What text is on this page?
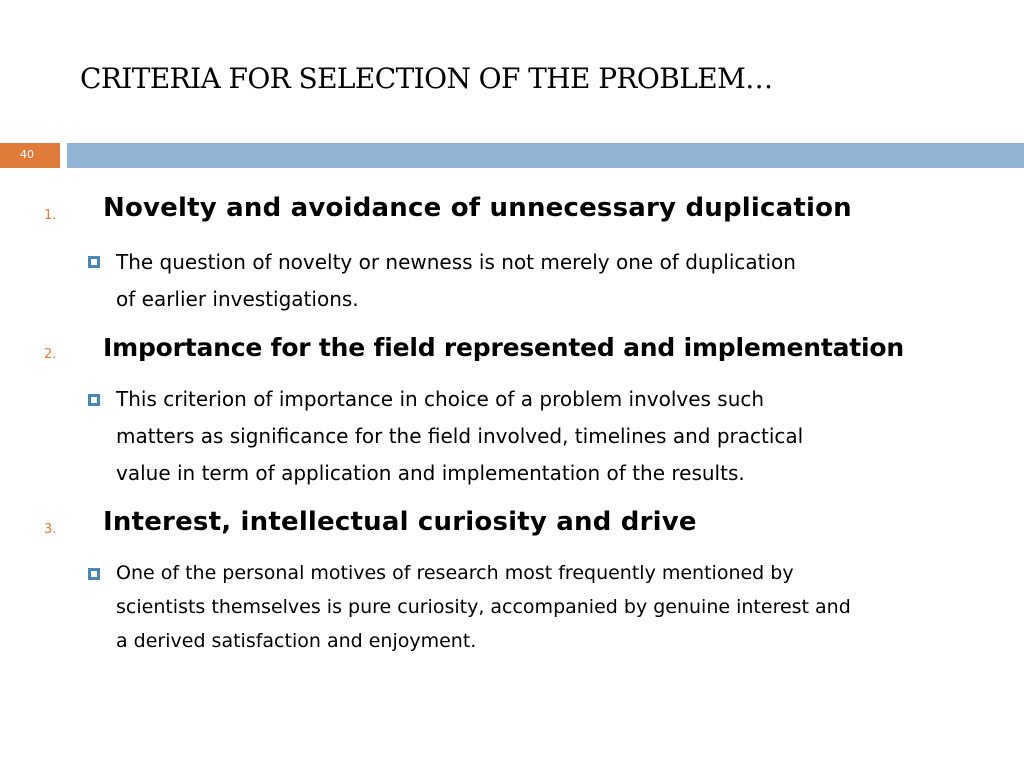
CRITERIA FOR SELECTION OF THE PROBLEM…
40
1. Novelty and avoidance of unnecessary duplication
The question of novelty or newness is not merely one of duplication
of earlier investigations.
2. Importance for the field represented and implementation
This criterion of importance in choice of a problem involves such
matters as significance for the field involved, timelines and practical
value in term of application and implementation of the results.
3. Interest, intellectual curiosity and drive
One of the personal motives of research most frequently mentioned by
scientists themselves is pure curiosity, accompanied by genuine interest and
a derived satisfaction and enjoyment.
